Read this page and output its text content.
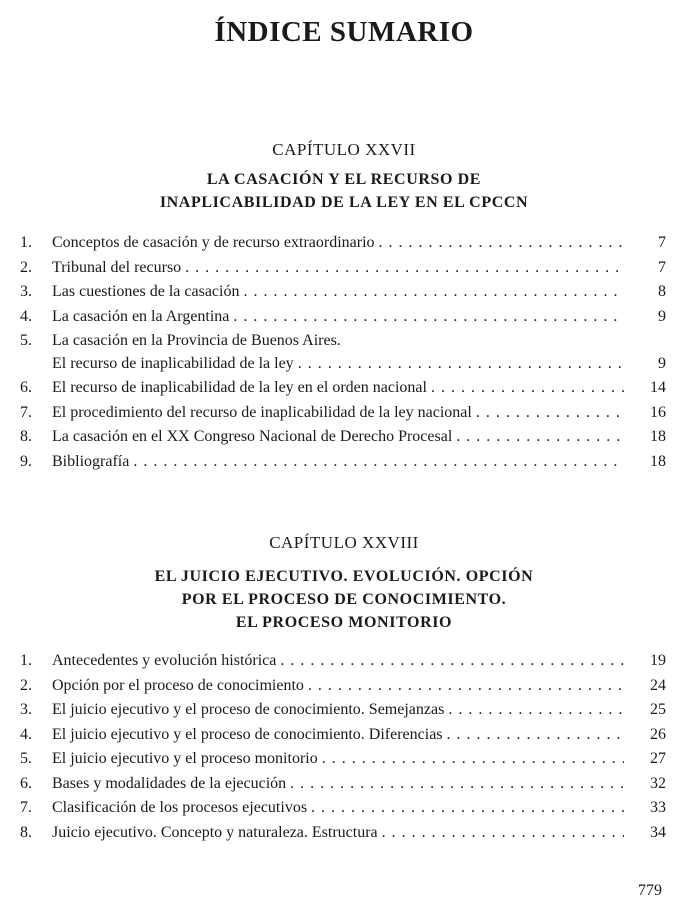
ÍNDICE SUMARIO
CAPÍTULO XXVII
LA CASACIÓN Y EL RECURSO DE
INAPLICABILIDAD DE LA LEY EN EL CPCCN
1.	Conceptos de casación y de recurso extraordinario . . .	7
2.	Tribunal del recurso . . .	7
3.	Las cuestiones de la casación . . .	8
4.	La casación en la Argentina . . .	9
5.	La casación en la Provincia de Buenos Aires.
El recurso de inaplicabilidad de la ley . . .	9
6.	El recurso de inaplicabilidad de la ley en el orden nacional . . .	14
7.	El procedimiento del recurso de inaplicabilidad de la ley nacional . . .	16
8.	La casación en el XX Congreso Nacional de Derecho Procesal . . .	18
9.	Bibliografía . . .	18
CAPÍTULO XXVIII
EL JUICIO EJECUTIVO. EVOLUCIÓN. OPCIÓN
POR EL PROCESO DE CONOCIMIENTO.
EL PROCESO MONITORIO
1.	Antecedentes y evolución histórica . . .	19
2.	Opción por el proceso de conocimiento . . .	24
3.	El juicio ejecutivo y el proceso de conocimiento. Semejanzas . . .	25
4.	El juicio ejecutivo y el proceso de conocimiento. Diferencias . . .	26
5.	El juicio ejecutivo y el proceso monitorio . . .	27
6.	Bases y modalidades de la ejecución . . .	32
7.	Clasificación de los procesos ejecutivos . . .	33
8.	Juicio ejecutivo. Concepto y naturaleza. Estructura . . .	34
779
